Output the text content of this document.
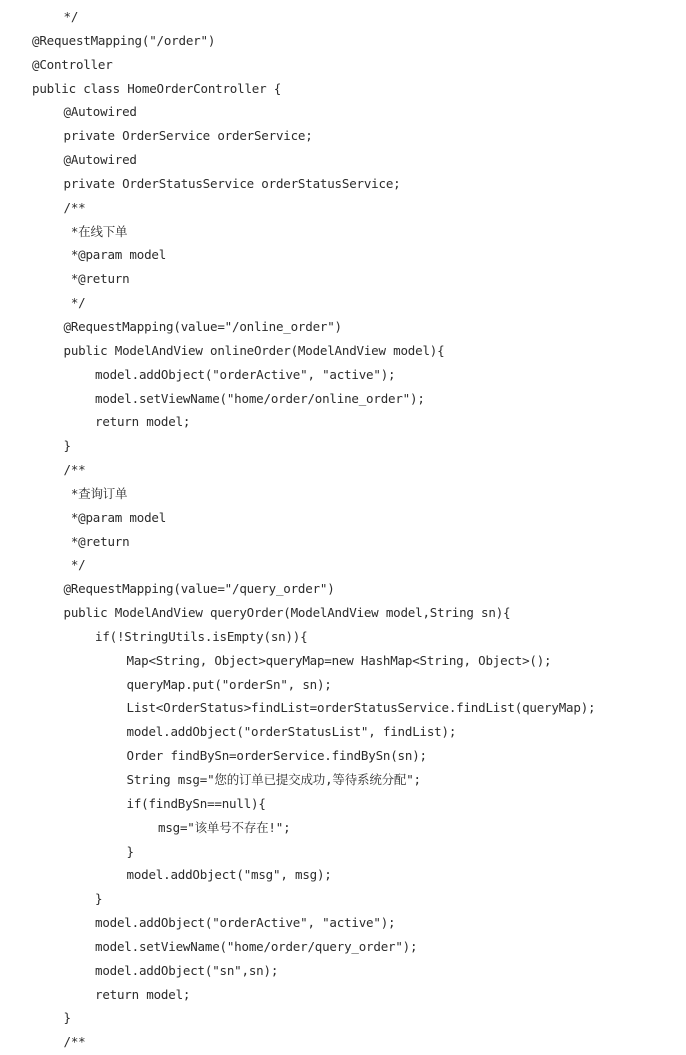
*/
@RequestMapping("/order")
@Controller
public class HomeOrderController {
@Autowired
private OrderService orderService;
@Autowired
private OrderStatusService orderStatusService;
/**
*在线下单
*@param model
*@return
*/
@RequestMapping(value="/online_order")
public ModelAndView onlineOrder(ModelAndView model){
model.addObject("orderActive", "active");
model.setViewName("home/order/online_order");
return model;
}
/**
*查询订单
*@param model
*@return
*/
@RequestMapping(value="/query_order")
public ModelAndView queryOrder(ModelAndView model,String sn){
if(!StringUtils.isEmpty(sn)){
Map<String, Object>queryMap=new HashMap<String, Object>();
queryMap.put("orderSn", sn);
List<OrderStatus>findList=orderStatusService.findList(queryMap);
model.addObject("orderStatusList", findList);
Order findBySn=orderService.findBySn(sn);
String msg="您的订单已提交成功,等待系统分配";
if(findBySn==null){
msg="该单号不存在!";
}
model.addObject("msg", msg);
}
model.addObject("orderActive", "active");
model.setViewName("home/order/query_order");
model.addObject("sn",sn);
return model;
}
/**
